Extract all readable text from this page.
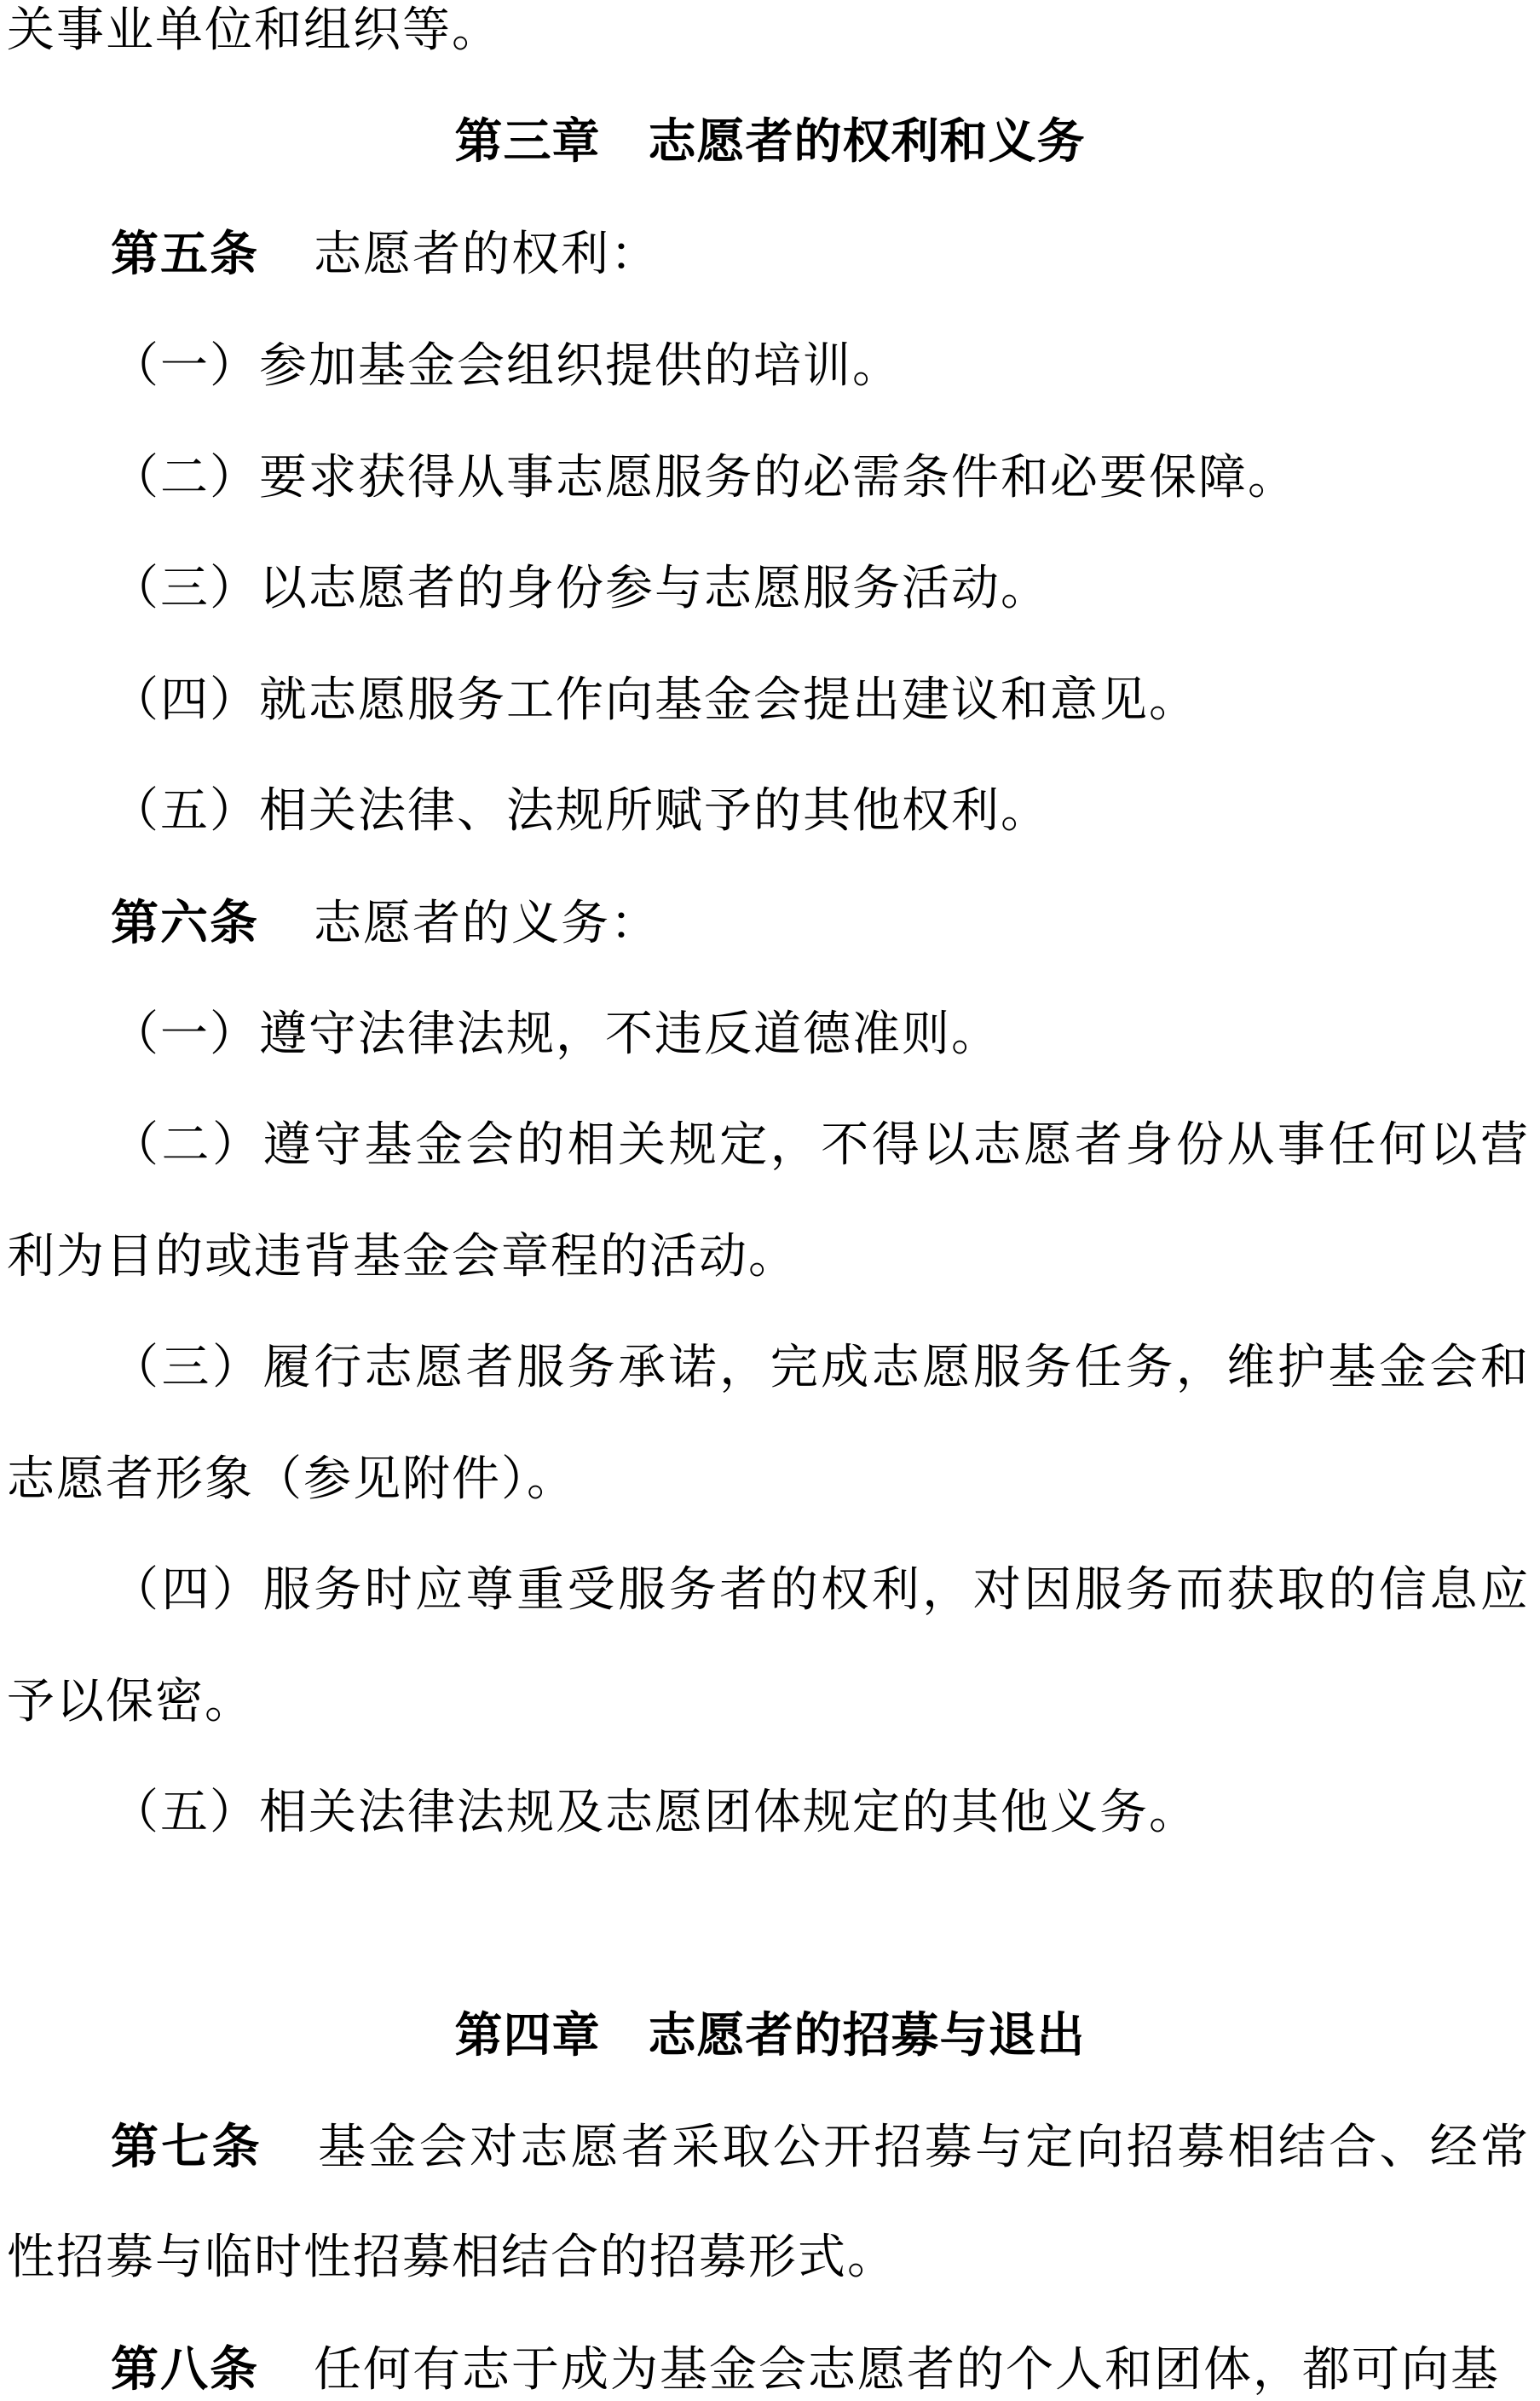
关事业单位和组织等。
第三章 志愿者的权利和义务
第五条 志愿者的权利：
（一）参加基金会组织提供的培训。
（二）要求获得从事志愿服务的必需条件和必要保障。
（三）以志愿者的身份参与志愿服务活动。
（四）就志愿服务工作向基金会提出建议和意见。
（五）相关法律、法规所赋予的其他权利。
第六条 志愿者的义务：
（一）遵守法律法规，不违反道德准则。
（二）遵守基金会的相关规定，不得以志愿者身份从事任何以营
利为目的或违背基金会章程的活动。
（三）履行志愿者服务承诺，完成志愿服务任务，维护基金会和
志愿者形象（参见附件）。
（四）服务时应尊重受服务者的权利，对因服务而获取的信息应
予以保密。
（五）相关法律法规及志愿团体规定的其他义务。
第四章 志愿者的招募与退出
第七条 基金会对志愿者采取公开招募与定向招募相结合、经常
性招募与临时性招募相结合的招募形式。
第八条 任何有志于成为基金会志愿者的个人和团体，都可向基
